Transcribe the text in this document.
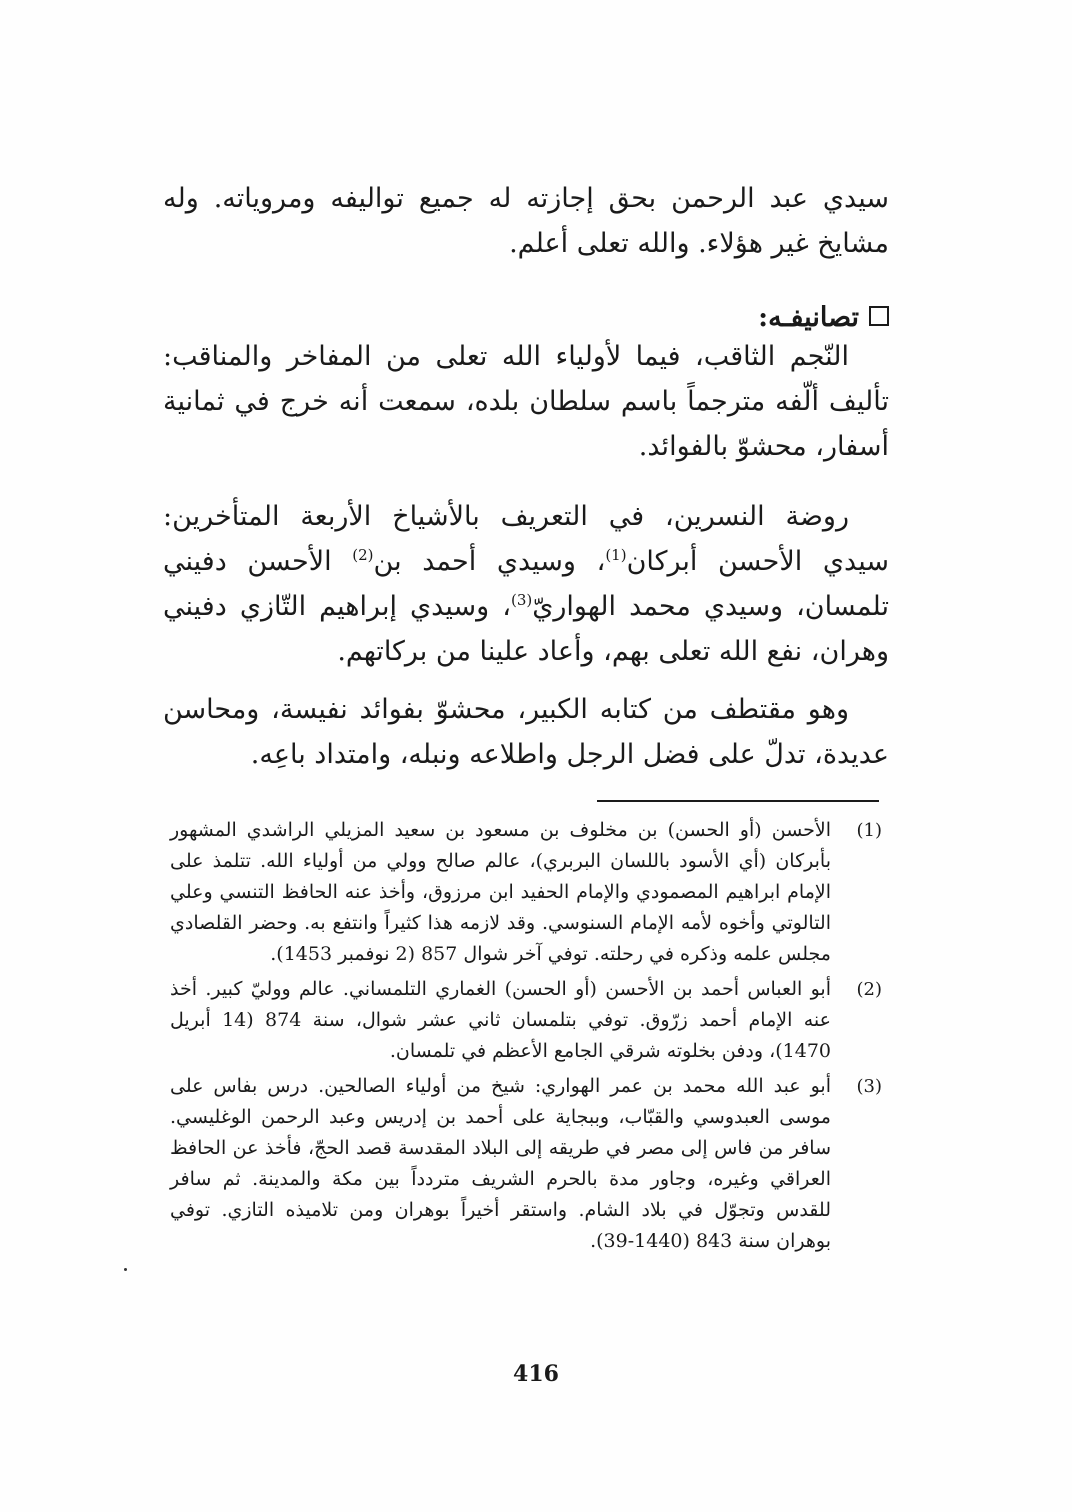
سيدي عبد الرحمن بحق إجازته له جميع تواليفه ومروياته. وله مشايخ غير هؤلاء. والله تعلى أعلم.

تصانيفـه:

النّجم الثاقب، فيما لأولياء الله تعلى من المفاخر والمناقب: تأليف ألّفه مترجماً باسم سلطان بلده، سمعت أنه خرج في ثمانية أسفار، محشوّ بالفوائد.

روضة النسرين، في التعريف بالأشياخ الأربعة المتأخرين: سيدي الأحسن أبركان$^{(1)}$، وسيدي أحمد بن$^{(2)}$ الأحسن دفيني تلمسان، وسيدي محمد الهواريّ$^{(3)}$، وسيدي إبراهيم التّازي دفيني وهران، نفع الله تعلى بهم، وأعاد علينا من بركاتهم.

وهو مقتطف من كتابه الكبير، محشوّ بفوائد نفيسة، ومحاسن عديدة، تدلّ على فضل الرجل واطلاعه ونبله، وامتداد باعِه.

(1)
الأحسن (أو الحسن) بن مخلوف بن مسعود بن سعيد المزيلي الراشدي المشهور بأبركان (أي الأسود باللسان البربري)، عالم صالح وولي من أولياء الله. تتلمذ على الإمام ابراهيم المصمودي والإمام الحفيد ابن مرزوق، وأخذ عنه الحافظ التنسي وعلي التالوتي وأخوه لأمه الإمام السنوسي. وقد لازمه هذا كثيراً وانتفع به. وحضر القلصادي مجلس علمه وذكره في رحلته. توفي آخر شوال 857 (2 نوفمبر 1453).
(2)
أبو العباس أحمد بن الأحسن (أو الحسن) الغماري التلمساني. عالم ووليّ كبير. أخذ عنه الإمام أحمد زرّوق. توفي بتلمسان ثاني عشر شوال، سنة 874 (14 أبريل 1470)، ودفن بخلوته شرقي الجامع الأعظم في تلمسان.
(3)
أبو عبد الله محمد بن عمر الهواري: شيخ من أولياء الصالحين. درس بفاس على موسى العبدوسي والقبّاب، وببجاية على أحمد بن إدريس وعبد الرحمن الوغليسي. سافر من فاس إلى مصر في طريقه إلى البلاد المقدسة قصد الحجّ، فأخذ عن الحافظ العراقي وغيره، وجاور مدة بالحرم الشريف متردداً بين مكة والمدينة. ثم سافر للقدس وتجوّل في بلاد الشام. واستقر أخيراً بوهران ومن تلاميذه التازي. توفي بوهران سنة 843 (1440-39).
416
